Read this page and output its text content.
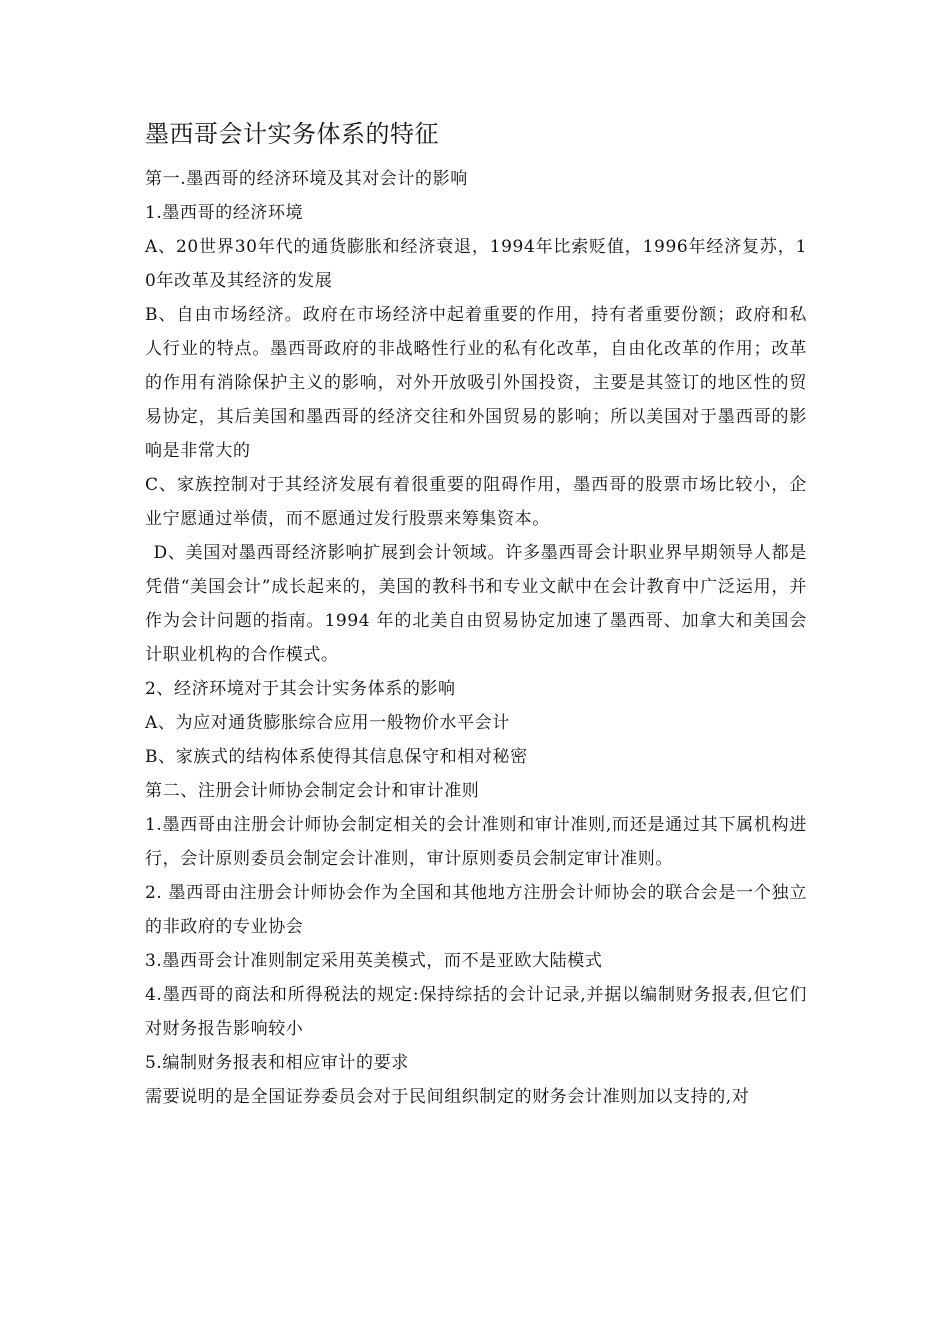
墨西哥会计实务体系的特征

第一.墨西哥的经济环境及其对会计的影响

1.墨西哥的经济环境

A、20世界30年代的通货膨胀和经济衰退，1994年比索贬值，1996年经济复苏，10年改革及其经济的发展

B、自由市场经济。政府在市场经济中起着重要的作用，持有者重要份额；政府和私人行业的特点。墨西哥政府的非战略性行业的私有化改革，自由化改革的作用；改革的作用有消除保护主义的影响，对外开放吸引外国投资，主要是其签订的地区性的贸易协定，其后美国和墨西哥的经济交往和外国贸易的影响；所以美国对于墨西哥的影响是非常大的

C、家族控制对于其经济发展有着很重要的阻碍作用，墨西哥的股票市场比较小，企业宁愿通过举债，而不愿通过发行股票来筹集资本。

D、美国对墨西哥经济影响扩展到会计领域。许多墨西哥会计职业界早期领导人都是凭借“美国会计”成长起来的，美国的教科书和专业文献中在会计教育中广泛运用，并作为会计问题的指南。1994 年的北美自由贸易协定加速了墨西哥、加拿大和美国会计职业机构的合作模式。

2、经济环境对于其会计实务体系的影响

A、为应对通货膨胀综合应用一般物价水平会计

B、家族式的结构体系使得其信息保守和相对秘密

第二、注册会计师协会制定会计和审计准则

1.墨西哥由注册会计师协会制定相关的会计准则和审计准则,而还是通过其下属机构进行，会计原则委员会制定会计准则，审计原则委员会制定审计准则。

2. 墨西哥由注册会计师协会作为全国和其他地方注册会计师协会的联合会是一个独立的非政府的专业协会

3.墨西哥会计准则制定采用英美模式，而不是亚欧大陆模式

4.墨西哥的商法和所得税法的规定:保持综括的会计记录,并据以编制财务报表,但它们对财务报告影响较小

5.编制财务报表和相应审计的要求

需要说明的是全国证券委员会对于民间组织制定的财务会计准则加以支持的,对
